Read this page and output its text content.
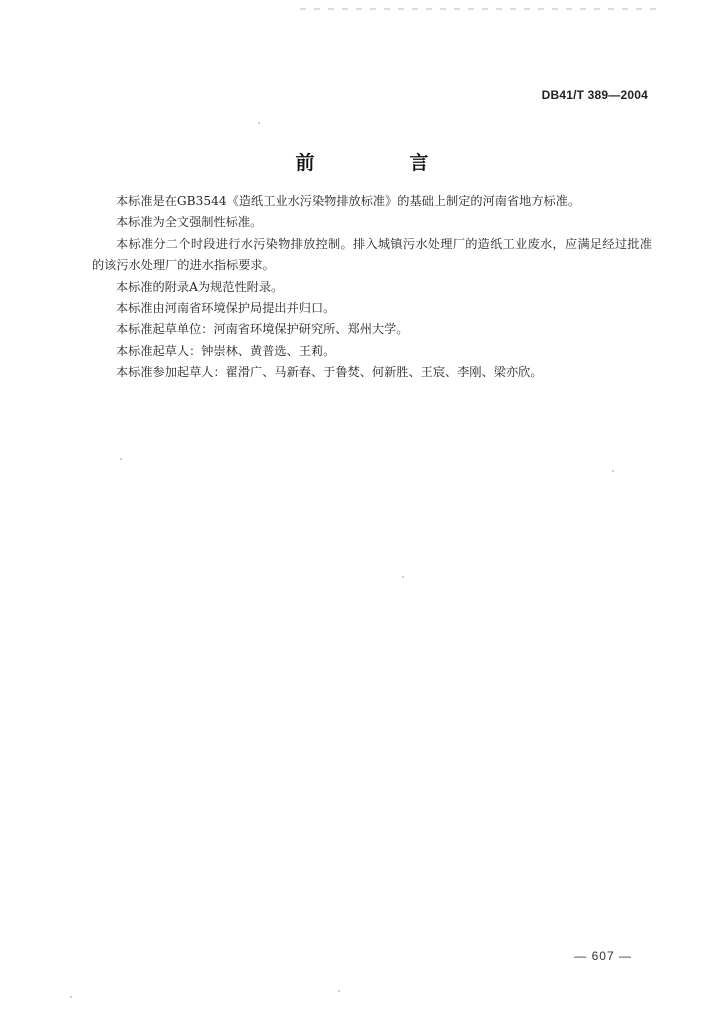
DB41/T 389—2004
前　言

本标准是在GB3544《造纸工业水污染物排放标准》的基础上制定的河南省地方标准。

本标准为全文强制性标准。

本标准分二个时段进行水污染物排放控制。排入城镇污水处理厂的造纸工业废水，应满足经过批准的该污水处理厂的进水指标要求。

本标准的附录A为规范性附录。

本标准由河南省环境保护局提出并归口。

本标准起草单位：河南省环境保护研究所、郑州大学。

本标准起草人：钟崇林、黄普选、王莉。

本标准参加起草人：翟滑广、马新春、于鲁焚、何新胜、王宸、李刚、梁亦欣。

— 607 —
